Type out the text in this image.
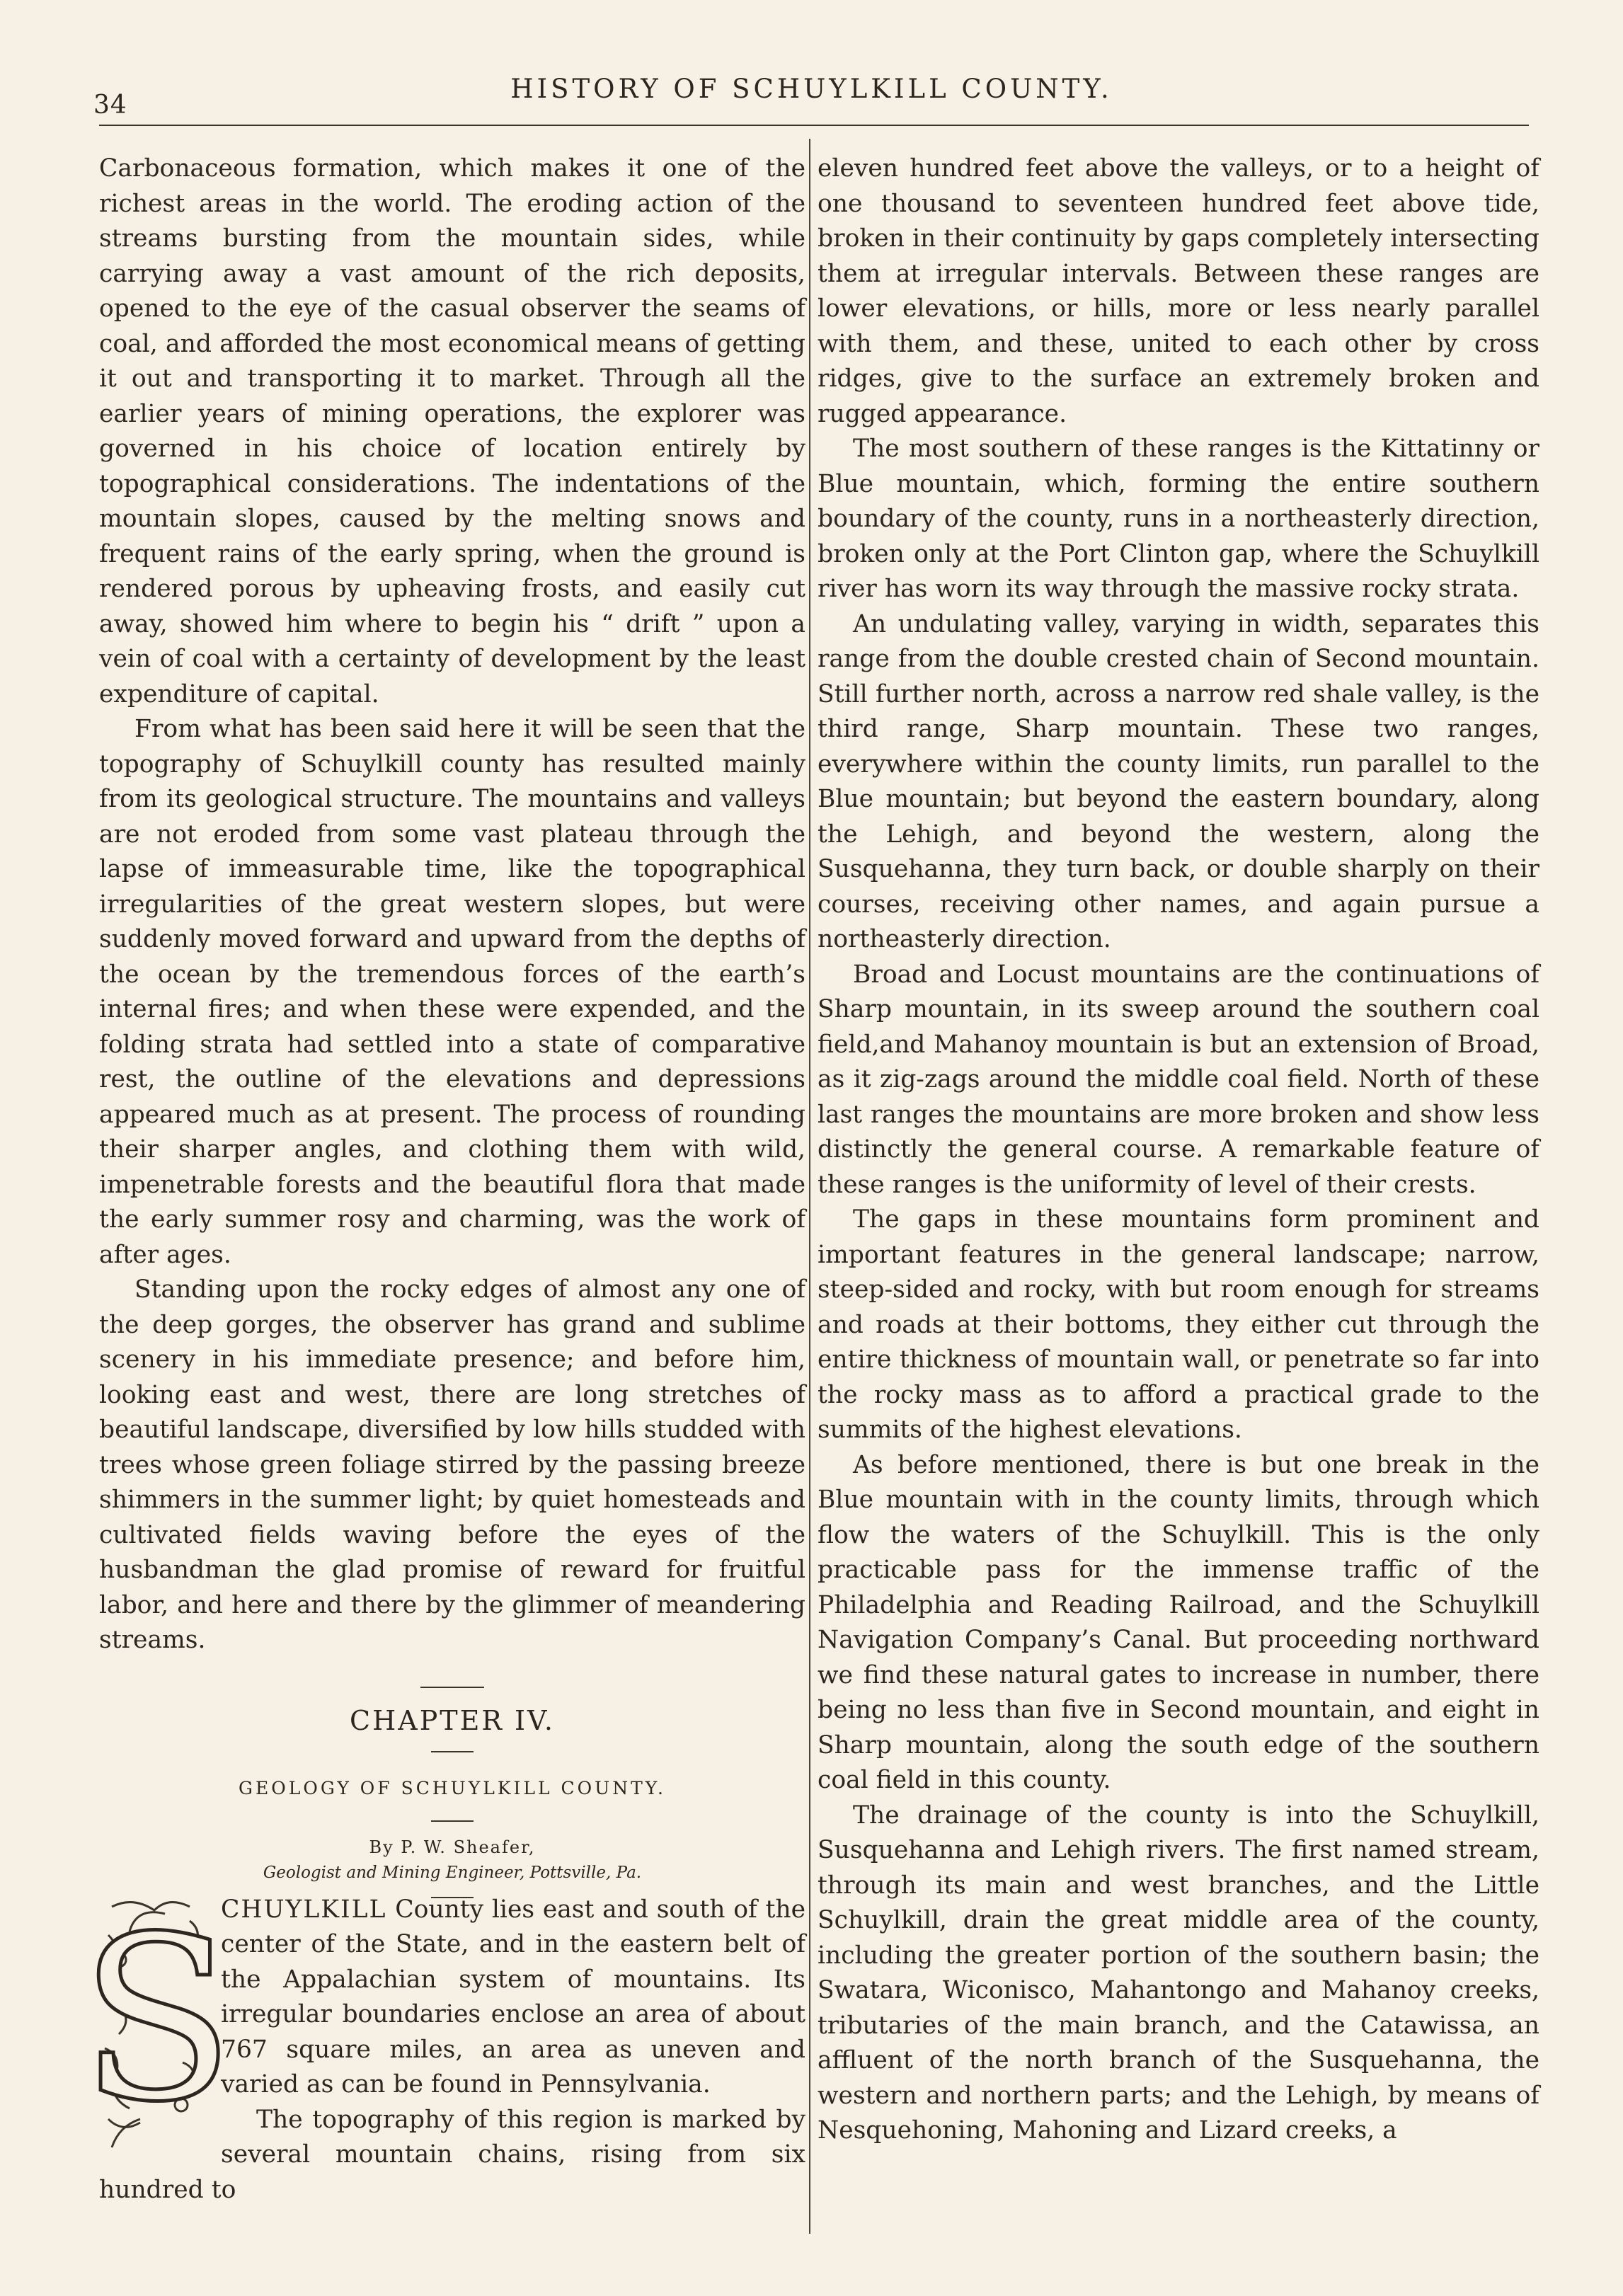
34
HISTORY OF SCHUYLKILL COUNTY.

Carbonaceous formation, which makes it one of the richest areas in the world. The eroding action of the streams bursting from the mountain sides, while carrying away a vast amount of the rich deposits, opened to the eye of the casual observer the seams of coal, and afforded the most economical means of getting it out and transporting it to market. Through all the earlier years of mining operations, the explorer was governed in his choice of location entirely by topographical considerations. The indentations of the mountain slopes, caused by the melting snows and frequent rains of the early spring, when the ground is rendered porous by upheaving frosts, and easily cut away, showed him where to begin his “ drift ” upon a vein of coal with a certainty of development by the least expenditure of capital.

From what has been said here it will be seen that the topography of Schuylkill county has resulted mainly from its geological structure. The mountains and valleys are not eroded from some vast plateau through the lapse of immeasurable time, like the topographical irregularities of the great western slopes, but were suddenly moved forward and upward from the depths of the ocean by the tremendous forces of the earth’s internal fires; and when these were expended, and the folding strata had settled into a state of comparative rest, the outline of the elevations and depressions appeared much as at present. The process of rounding their sharper angles, and clothing them with wild, impenetrable forests and the beautiful flora that made the early summer rosy and charming, was the work of after ages.

Standing upon the rocky edges of almost any one of the deep gorges, the observer has grand and sublime scenery in his immediate presence; and before him, looking east and west, there are long stretches of beautiful landscape, diversified by low hills studded with trees whose green foliage stirred by the passing breeze shimmers in the summer light; by quiet homesteads and cultivated fields waving before the eyes of the husbandman the glad promise of reward for fruitful labor, and here and there by the glimmer of meandering streams.

CHAPTER IV.
GEOLOGY OF SCHUYLKILL COUNTY.
By P. W. Sheafer,
Geologist and Mining Engineer, Pottsville, Pa.
S

CHUYLKILL County lies east and south of the center of the State, and in the eastern belt of the Appalachian system of mountains. Its irregular boundaries enclose an area of about 767 square miles, an area as uneven and varied as can be found in Pennsylvania.

The topography of this region is marked by several mountain chains, rising from six hundred to

eleven hundred feet above the valleys, or to a height of one thousand to seventeen hundred feet above tide, broken in their continuity by gaps completely intersecting them at irregular intervals. Between these ranges are lower elevations, or hills, more or less nearly parallel with them, and these, united to each other by cross ridges, give to the surface an extremely broken and rugged appearance.

The most southern of these ranges is the Kittatinny or Blue mountain, which, forming the entire southern boundary of the county, runs in a northeasterly direction, broken only at the Port Clinton gap, where the Schuylkill river has worn its way through the massive rocky strata.

An undulating valley, varying in width, separates this range from the double crested chain of Second mountain. Still further north, across a narrow red shale valley, is the third range, Sharp mountain. These two ranges, everywhere within the county limits, run parallel to the Blue mountain; but beyond the eastern boundary, along the Lehigh, and beyond the western, along the Susquehanna, they turn back, or double sharply on their courses, receiving other names, and again pursue a northeasterly direction.

Broad and Locust mountains are the continuations of Sharp mountain, in its sweep around the southern coal field,and Mahanoy mountain is but an extension of Broad, as it zig-zags around the middle coal field. North of these last ranges the mountains are more broken and show less distinctly the general course. A remarkable feature of these ranges is the uniformity of level of their crests.

The gaps in these mountains form prominent and important features in the general landscape; narrow, steep-sided and rocky, with but room enough for streams and roads at their bottoms, they either cut through the entire thickness of mountain wall, or penetrate so far into the rocky mass as to afford a practical grade to the summits of the highest elevations.

As before mentioned, there is but one break in the Blue mountain with in the county limits, through which flow the waters of the Schuylkill. This is the only practicable pass for the immense traffic of the Philadelphia and Reading Railroad, and the Schuylkill Navigation Company’s Canal. But proceeding northward we find these natural gates to increase in number, there being no less than five in Second mountain, and eight in Sharp mountain, along the south edge of the southern coal field in this county.

The drainage of the county is into the Schuylkill, Susquehanna and Lehigh rivers. The first named stream, through its main and west branches, and the Little Schuylkill, drain the great middle area of the county, including the greater portion of the southern basin; the Swatara, Wiconisco, Mahantongo and Mahanoy creeks, tributaries of the main branch, and the Catawissa, an affluent of the north branch of the Susquehanna, the western and northern parts; and the Lehigh, by means of Nesquehoning, Mahoning and Lizard creeks, a
